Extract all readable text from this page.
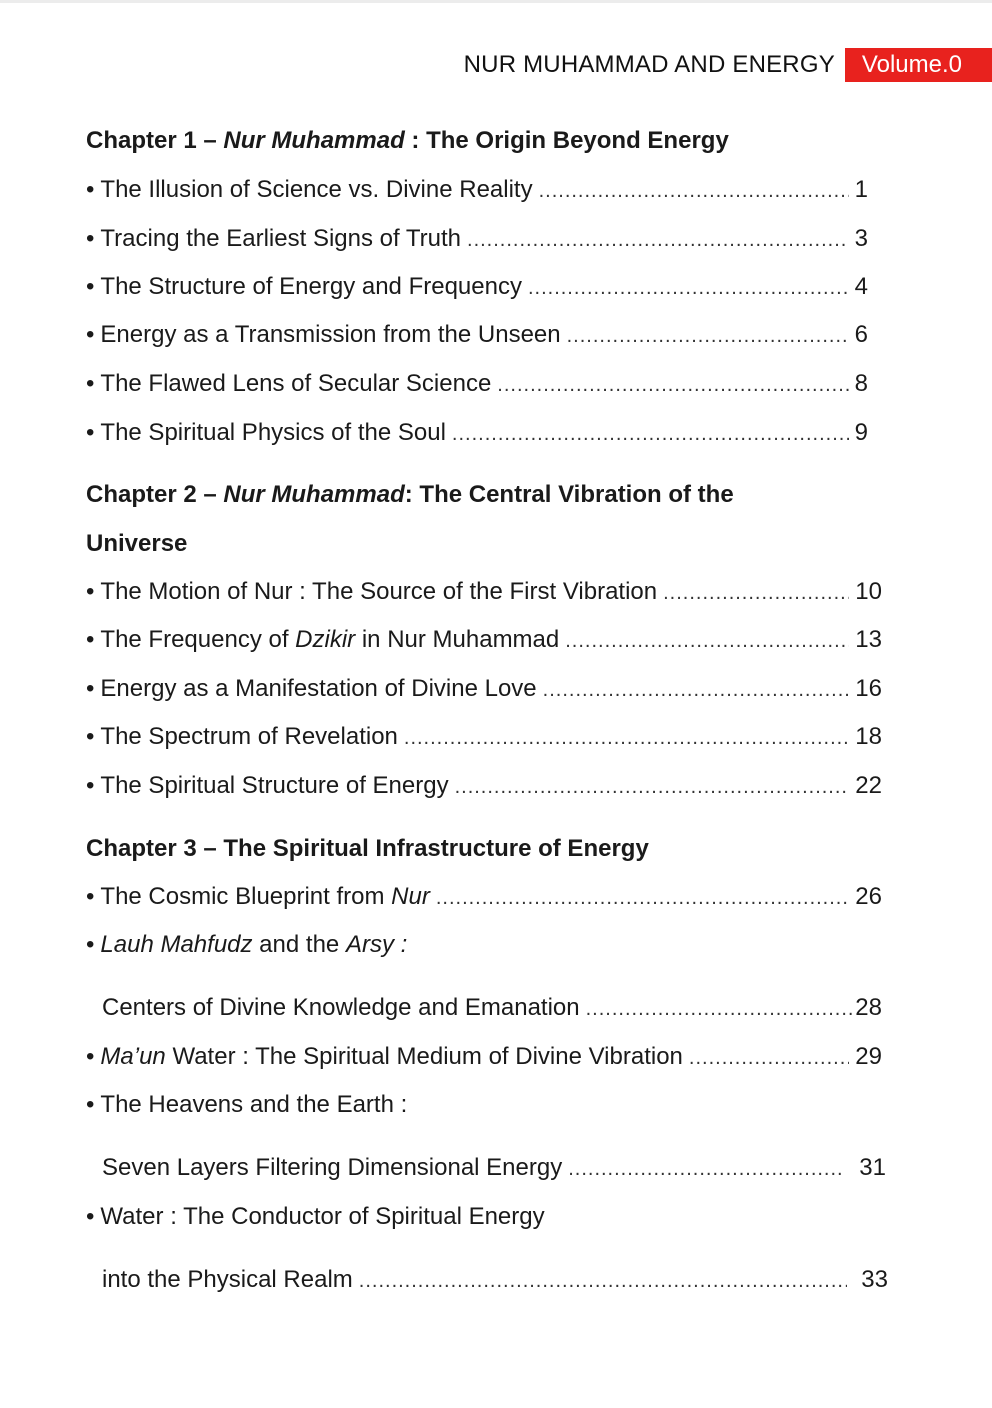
NUR MUHAMMAD AND ENERGY	Volume.0
Chapter 1 – Nur Muhammad : The Origin Beyond Energy
• The Illusion of Science vs. Divine Reality .....	1
• Tracing the Earliest Signs of Truth .....	3
• The Structure of Energy and Frequency .....	4
• Energy as a Transmission from the Unseen .....	6
• The Flawed Lens of Secular Science .....	8
• The Spiritual Physics of the Soul .....	9
Chapter 2 – Nur Muhammad: The Central Vibration of the
Universe
• The Motion of Nur : The Source of the First Vibration .....	10
• The Frequency of Dzikir in Nur Muhammad .....	13
• Energy as a Manifestation of Divine Love .....	16
• The Spectrum of Revelation .....	18
• The Spiritual Structure of Energy .....	22
Chapter 3 – The Spiritual Infrastructure of Energy
• The Cosmic Blueprint from Nur .....	26
• Lauh Mahfudz and the Arsy :
Centers of Divine Knowledge and Emanation .....	28
• Ma’un Water : The Spiritual Medium of Divine Vibration .....	29
• The Heavens and the Earth :
Seven Layers Filtering Dimensional Energy .....	31
• Water : The Conductor of Spiritual Energy
into the Physical Realm .....	33
